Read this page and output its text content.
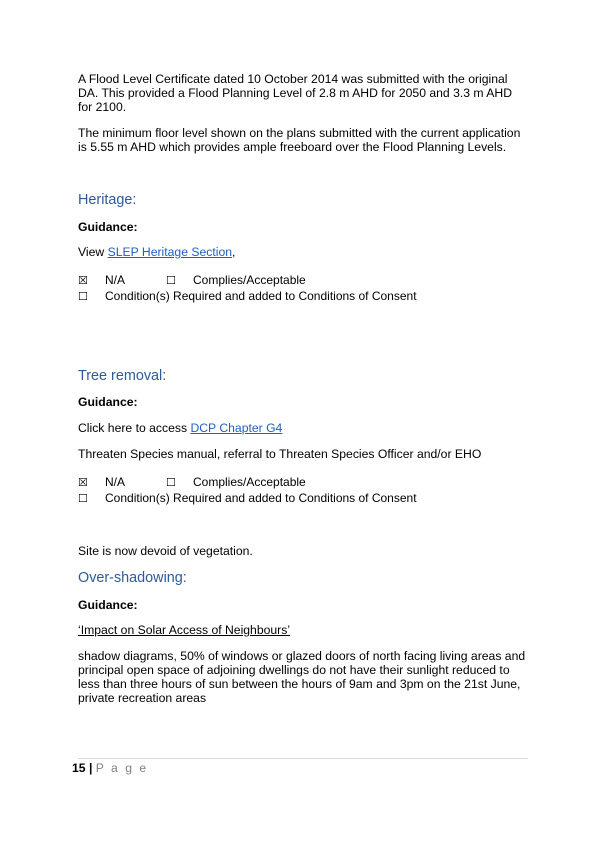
A Flood Level Certificate dated 10 October 2014 was submitted with the original DA. This provided a Flood Planning Level of 2.8 m AHD for 2050 and 3.3 m AHD for 2100.

The minimum floor level shown on the plans submitted with the current application is 5.55 m AHD which provides ample freeboard over the Flood Planning Levels.

Heritage:

Guidance:

View SLEP Heritage Section,

☒ N/A	☐ Complies/Acceptable
☐ Condition(s) Required and added to Conditions of Consent
Tree removal:

Guidance:

Click here to access DCP Chapter G4

Threaten Species manual, referral to Threaten Species Officer and/or EHO

☒ N/A	☐ Complies/Acceptable
☐ Condition(s) Required and added to Conditions of Consent

Site is now devoid of vegetation.

Over-shadowing:

Guidance:

‘Impact on Solar Access of Neighbours’

shadow diagrams, 50% of windows or glazed doors of north facing living areas and principal open space of adjoining dwellings do not have their sunlight reduced to less than three hours of sun between the hours of 9am and 3pm on the 21st June, private recreation areas

15 | P a g e
